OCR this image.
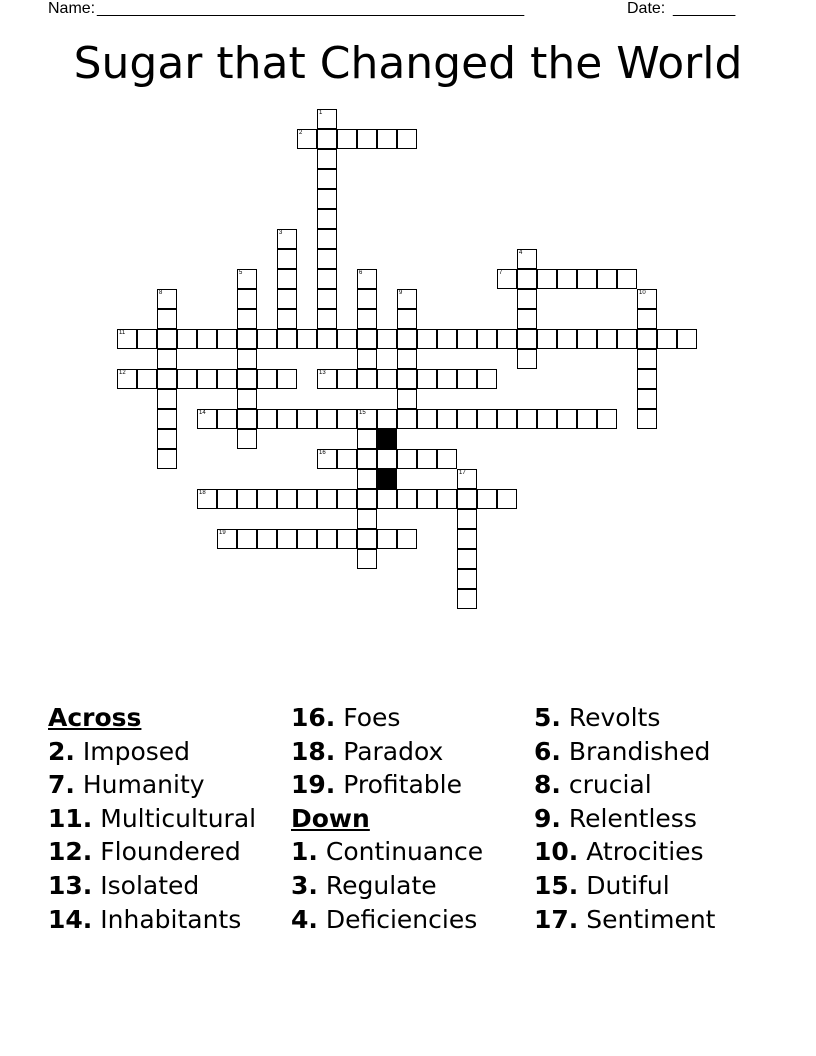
Name: ________________________________________________	Date: _______
Sugar that Changed the World
1
2
3
4
5	6	7
8	9	10
11
12	13
14	15
16
17
18
19
Across
2. Imposed
7. Humanity
11. Multicultural
12. Floundered
13. Isolated
14. Inhabitants
16. Foes
18. Paradox
19. Profitable
Down
1. Continuance
3. Regulate
4. Deficiencies
5. Revolts
6. Brandished
8. crucial
9. Relentless
10. Atrocities
15. Dutiful
17. Sentiment
